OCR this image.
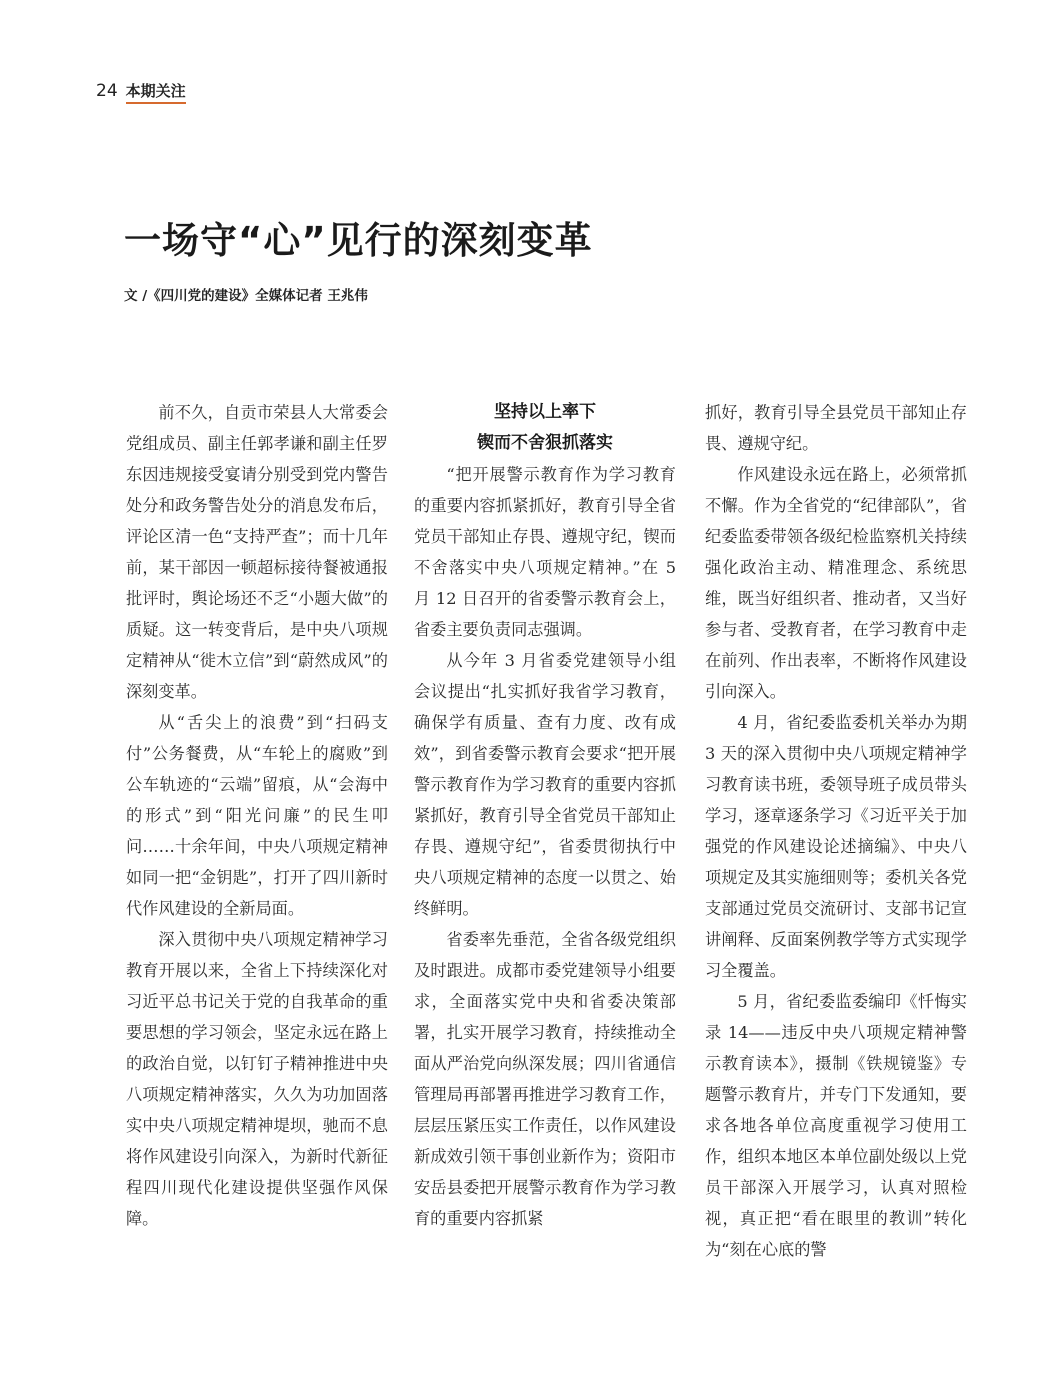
24 本期关注
一场守“心”见行的深刻变革
文 /《四川党的建设》全媒体记者 王兆伟

前不久，自贡市荣县人大常委会党组成员、副主任郭孝谦和副主任罗东因违规接受宴请分别受到党内警告处分和政务警告处分的消息发布后，评论区清一色“支持严查”；而十几年前，某干部因一顿超标接待餐被通报批评时，舆论场还不乏“小题大做”的质疑。这一转变背后，是中央八项规定精神从“徙木立信”到“蔚然成风”的深刻变革。

从“舌尖上的浪费”到“扫码支付”公务餐费，从“车轮上的腐败”到公车轨迹的“云端”留痕，从“会海中的形式”到“阳光问廉”的民生叩问……十余年间，中央八项规定精神如同一把“金钥匙”，打开了四川新时代作风建设的全新局面。

深入贯彻中央八项规定精神学习教育开展以来，全省上下持续深化对习近平总书记关于党的自我革命的重要思想的学习领会，坚定永远在路上的政治自觉，以钉钉子精神推进中央八项规定精神落实，久久为功加固落实中央八项规定精神堤坝，驰而不息将作风建设引向深入，为新时代新征程四川现代化建设提供坚强作风保障。

坚持以上率下
锲而不舍狠抓落实

“把开展警示教育作为学习教育的重要内容抓紧抓好，教育引导全省党员干部知止存畏、遵规守纪，锲而不舍落实中央八项规定精神。”在 5 月 12 日召开的省委警示教育会上，省委主要负责同志强调。

从今年 3 月省委党建领导小组会议提出“扎实抓好我省学习教育，确保学有质量、查有力度、改有成效”，到省委警示教育会要求“把开展警示教育作为学习教育的重要内容抓紧抓好，教育引导全省党员干部知止存畏、遵规守纪”，省委贯彻执行中央八项规定精神的态度一以贯之、始终鲜明。

省委率先垂范，全省各级党组织及时跟进。成都市委党建领导小组要求，全面落实党中央和省委决策部署，扎实开展学习教育，持续推动全面从严治党向纵深发展；四川省通信管理局再部署再推进学习教育工作，层层压紧压实工作责任，以作风建设新成效引领干事创业新作为；资阳市安岳县委把开展警示教育作为学习教育的重要内容抓紧

抓好，教育引导全县党员干部知止存畏、遵规守纪。

作风建设永远在路上，必须常抓不懈。作为全省党的“纪律部队”，省纪委监委带领各级纪检监察机关持续强化政治主动、精准理念、系统思维，既当好组织者、推动者，又当好参与者、受教育者，在学习教育中走在前列、作出表率，不断将作风建设引向深入。

4 月，省纪委监委机关举办为期 3 天的深入贯彻中央八项规定精神学习教育读书班，委领导班子成员带头学习，逐章逐条学习《习近平关于加强党的作风建设论述摘编》、中央八项规定及其实施细则等；委机关各党支部通过党员交流研讨、支部书记宣讲阐释、反面案例教学等方式实现学习全覆盖。

5 月，省纪委监委编印《忏悔实录 14——违反中央八项规定精神警示教育读本》，摄制《铁规镜鉴》专题警示教育片，并专门下发通知，要求各地各单位高度重视学习使用工作，组织本地区本单位副处级以上党员干部深入开展学习，认真对照检视，真正把“看在眼里的教训”转化为“刻在心底的警
